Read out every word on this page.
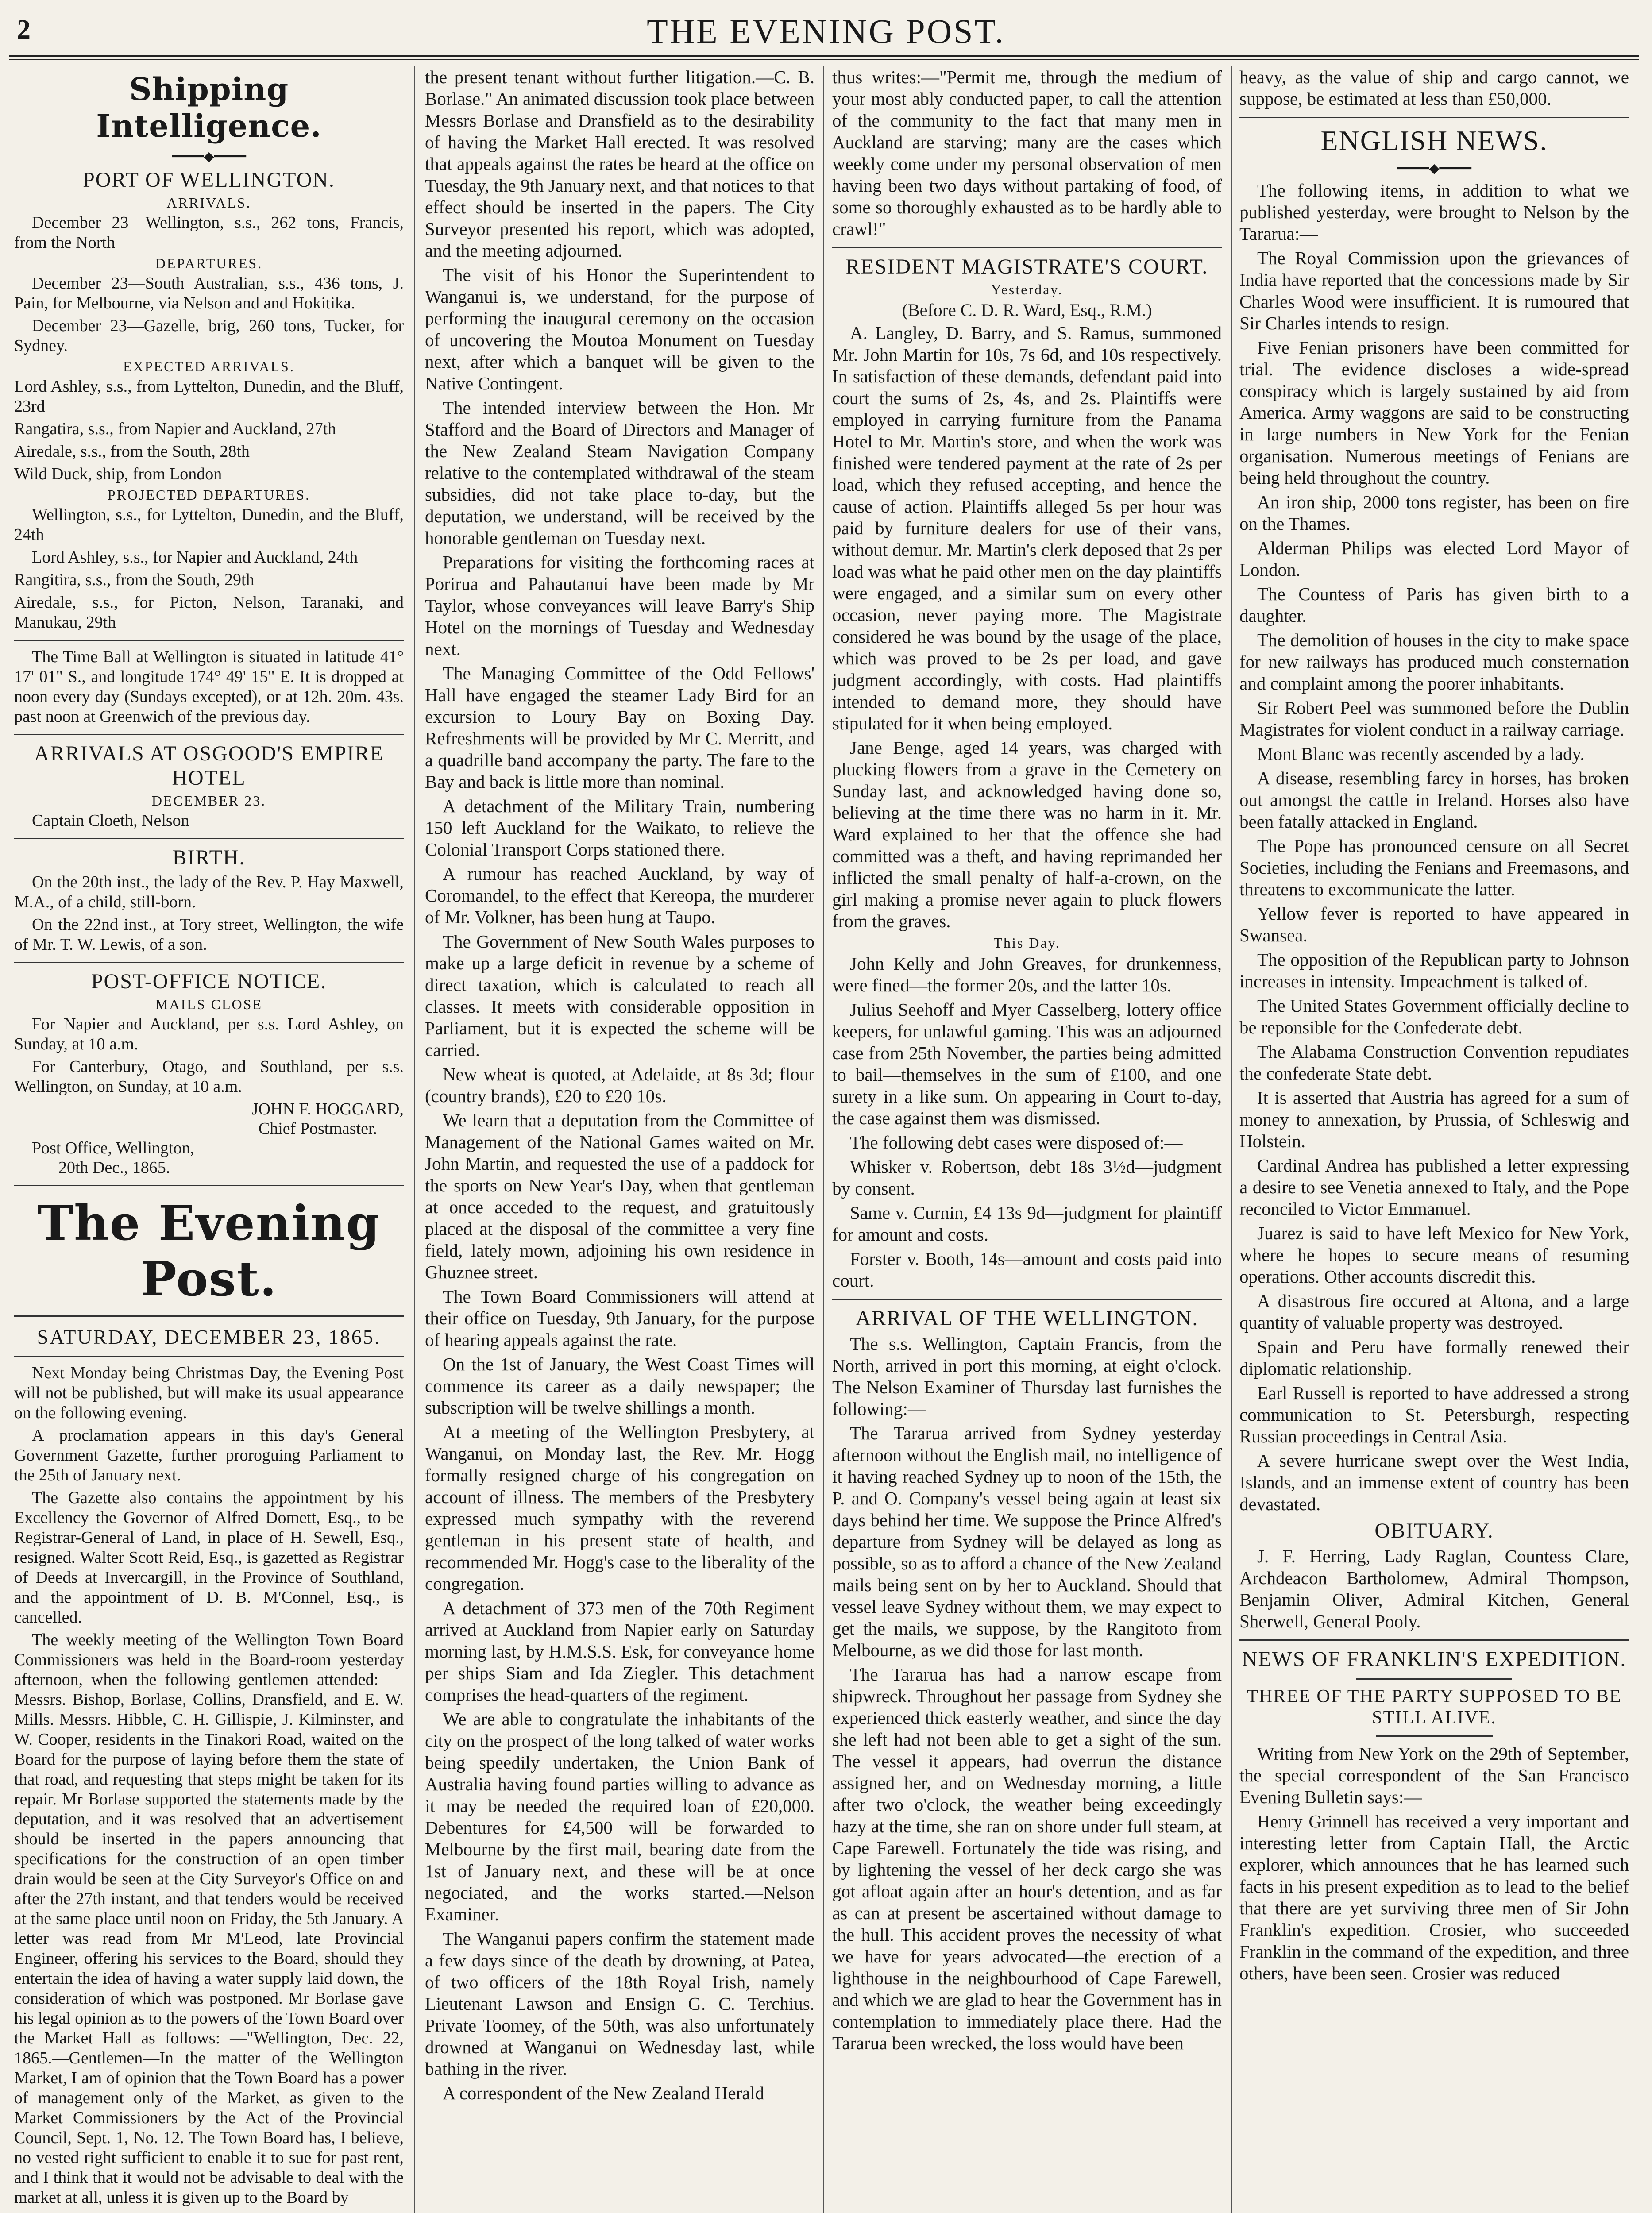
2	THE EVENING POST.
Shipping Intelligence.
━━━━◆━━━━
PORT OF WELLINGTON.
ARRIVALS.

December 23—Wellington, s.s., 262 tons, Francis, from the North

DEPARTURES.

December 23—South Australian, s.s., 436 tons, J. Pain, for Melbourne, via Nelson and and Hokitika.

December 23—Gazelle, brig, 260 tons, Tucker, for Sydney.

EXPECTED ARRIVALS.

Lord Ashley, s.s., from Lyttelton, Dunedin, and the Bluff, 23rd

Rangatira, s.s., from Napier and Auckland, 27th

Airedale, s.s., from the South, 28th

Wild Duck, ship, from London

PROJECTED DEPARTURES.

Wellington, s.s., for Lyttelton, Dunedin, and the Bluff, 24th

Lord Ashley, s.s., for Napier and Auckland, 24th

Rangitira, s.s., from the South, 29th

Airedale, s.s., for Picton, Nelson, Taranaki, and Manukau, 29th

The Time Ball at Wellington is situated in latitude 41° 17' 01" S., and longitude 174° 49' 15" E. It is dropped at noon every day (Sundays excepted), or at 12h. 20m. 43s. past noon at Greenwich of the previous day.

ARRIVALS AT OSGOOD'S EMPIRE HOTEL
DECEMBER 23.

Captain Cloeth, Nelson

BIRTH.

On the 20th inst., the lady of the Rev. P. Hay Maxwell, M.A., of a child, still-born.

On the 22nd inst., at Tory street, Wellington, the wife of Mr. T. W. Lewis, of a son.

POST-OFFICE NOTICE.
MAILS CLOSE

For Napier and Auckland, per s.s. Lord Ashley, on Sunday, at 10 a.m.

For Canterbury, Otago, and Southland, per s.s. Wellington, on Sunday, at 10 a.m.

JOHN F. HOGGARD,
Chief Postmaster.
Post Office, Wellington,
20th Dec., 1865.
The Evening Post.
SATURDAY, DECEMBER 23, 1865.

Next Monday being Christmas Day, the Evening Post will not be published, but will make its usual appearance on the following evening.

A proclamation appears in this day's General Government Gazette, further proroguing Parliament to the 25th of January next.

The Gazette also contains the appointment by his Excellency the Governor of Alfred Domett, Esq., to be Registrar-General of Land, in place of H. Sewell, Esq., resigned. Walter Scott Reid, Esq., is gazetted as Registrar of Deeds at Invercargill, in the Province of Southland, and the appointment of D. B. M'Connel, Esq., is cancelled.

The weekly meeting of the Wellington Town Board Commissioners was held in the Board-room yesterday afternoon, when the following gentlemen attended: — Messrs. Bishop, Borlase, Collins, Dransfield, and E. W. Mills. Messrs. Hibble, C. H. Gillispie, J. Kilminster, and W. Cooper, residents in the Tinakori Road, waited on the Board for the purpose of laying before them the state of that road, and requesting that steps might be taken for its repair. Mr Borlase supported the statements made by the deputation, and it was resolved that an advertisement should be inserted in the papers announcing that specifications for the construction of an open timber drain would be seen at the City Surveyor's Office on and after the 27th instant, and that tenders would be received at the same place until noon on Friday, the 5th January. A letter was read from Mr M'Leod, late Provincial Engineer, offering his services to the Board, should they entertain the idea of having a water supply laid down, the consideration of which was postponed. Mr Borlase gave his legal opinion as to the powers of the Town Board over the Market Hall as follows: —"Wellington, Dec. 22, 1865.—Gentlemen—In the matter of the Wellington Market, I am of opinion that the Town Board has a power of management only of the Market, as given to the Market Commissioners by the Act of the Provincial Council, Sept. 1, No. 12. The Town Board has, I believe, no vested right sufficient to enable it to sue for past rent, and I think that it would not be advisable to deal with the market at all, unless it is given up to the Board by

the present tenant without further litigation.—C. B. Borlase." An animated discussion took place between Messrs Borlase and Dransfield as to the desirability of having the Market Hall erected. It was resolved that appeals against the rates be heard at the office on Tuesday, the 9th January next, and that notices to that effect should be inserted in the papers. The City Surveyor presented his report, which was adopted, and the meeting adjourned.

The visit of his Honor the Superintendent to Wanganui is, we understand, for the purpose of performing the inaugural ceremony on the occasion of uncovering the Moutoa Monument on Tuesday next, after which a banquet will be given to the Native Contingent.

The intended interview between the Hon. Mr Stafford and the Board of Directors and Manager of the New Zealand Steam Navigation Company relative to the contemplated withdrawal of the steam subsidies, did not take place to-day, but the deputation, we understand, will be received by the honorable gentleman on Tuesday next.

Preparations for visiting the forthcoming races at Porirua and Pahautanui have been made by Mr Taylor, whose conveyances will leave Barry's Ship Hotel on the mornings of Tuesday and Wednesday next.

The Managing Committee of the Odd Fellows' Hall have engaged the steamer Lady Bird for an excursion to Loury Bay on Boxing Day. Refreshments will be provided by Mr C. Merritt, and a quadrille band accompany the party. The fare to the Bay and back is little more than nominal.

A detachment of the Military Train, numbering 150 left Auckland for the Waikato, to relieve the Colonial Transport Corps stationed there.

A rumour has reached Auckland, by way of Coromandel, to the effect that Kereopa, the murderer of Mr. Volkner, has been hung at Taupo.

The Government of New South Wales purposes to make up a large deficit in revenue by a scheme of direct taxation, which is calculated to reach all classes. It meets with considerable opposition in Parliament, but it is expected the scheme will be carried.

New wheat is quoted, at Adelaide, at 8s 3d; flour (country brands), £20 to £20 10s.

We learn that a deputation from the Committee of Management of the National Games waited on Mr. John Martin, and requested the use of a paddock for the sports on New Year's Day, when that gentleman at once acceded to the request, and gratuitously placed at the disposal of the committee a very fine field, lately mown, adjoining his own residence in Ghuznee street.

The Town Board Commissioners will attend at their office on Tuesday, 9th January, for the purpose of hearing appeals against the rate.

On the 1st of January, the West Coast Times will commence its career as a daily newspaper; the subscription will be twelve shillings a month.

At a meeting of the Wellington Presbytery, at Wanganui, on Monday last, the Rev. Mr. Hogg formally resigned charge of his congregation on account of illness. The members of the Presbytery expressed much sympathy with the reverend gentleman in his present state of health, and recommended Mr. Hogg's case to the liberality of the congregation.

A detachment of 373 men of the 70th Regiment arrived at Auckland from Napier early on Saturday morning last, by H.M.S.S. Esk, for conveyance home per ships Siam and Ida Ziegler. This detachment comprises the head-quarters of the regiment.

We are able to congratulate the inhabitants of the city on the prospect of the long talked of water works being speedily undertaken, the Union Bank of Australia having found parties willing to advance as it may be needed the required loan of £20,000. Debentures for £4,500 will be forwarded to Melbourne by the first mail, bearing date from the 1st of January next, and these will be at once negociated, and the works started.—Nelson Examiner.

The Wanganui papers confirm the statement made a few days since of the death by drowning, at Patea, of two officers of the 18th Royal Irish, namely Lieutenant Lawson and Ensign G. C. Terchius. Private Toomey, of the 50th, was also unfortunately drowned at Wanganui on Wednesday last, while bathing in the river.

A correspondent of the New Zealand Herald

thus writes:—"Permit me, through the medium of your most ably conducted paper, to call the attention of the community to the fact that many men in Auckland are starving; many are the cases which weekly come under my personal observation of men having been two days without partaking of food, of some so thoroughly exhausted as to be hardly able to crawl!"

RESIDENT MAGISTRATE'S COURT.
Yesterday.
(Before C. D. R. Ward, Esq., R.M.)

A. Langley, D. Barry, and S. Ramus, summoned Mr. John Martin for 10s, 7s 6d, and 10s respectively. In satisfaction of these demands, defendant paid into court the sums of 2s, 4s, and 2s. Plaintiffs were employed in carrying furniture from the Panama Hotel to Mr. Martin's store, and when the work was finished were tendered payment at the rate of 2s per load, which they refused accepting, and hence the cause of action. Plaintiffs alleged 5s per hour was paid by furniture dealers for use of their vans, without demur. Mr. Martin's clerk deposed that 2s per load was what he paid other men on the day plaintiffs were engaged, and a similar sum on every other occasion, never paying more. The Magistrate considered he was bound by the usage of the place, which was proved to be 2s per load, and gave judgment accordingly, with costs. Had plaintiffs intended to demand more, they should have stipulated for it when being employed.

Jane Benge, aged 14 years, was charged with plucking flowers from a grave in the Cemetery on Sunday last, and acknowledged having done so, believing at the time there was no harm in it. Mr. Ward explained to her that the offence she had committed was a theft, and having reprimanded her inflicted the small penalty of half-a-crown, on the girl making a promise never again to pluck flowers from the graves.

This Day.

John Kelly and John Greaves, for drunkenness, were fined—the former 20s, and the latter 10s.

Julius Seehoff and Myer Casselberg, lottery office keepers, for unlawful gaming. This was an adjourned case from 25th November, the parties being admitted to bail—themselves in the sum of £100, and one surety in a like sum. On appearing in Court to-day, the case against them was dismissed.

The following debt cases were disposed of:—

Whisker v. Robertson, debt 18s 3½d—judgment by consent.

Same v. Curnin, £4 13s 9d—judgment for plaintiff for amount and costs.

Forster v. Booth, 14s—amount and costs paid into court.

ARRIVAL OF THE WELLINGTON.

The s.s. Wellington, Captain Francis, from the North, arrived in port this morning, at eight o'clock. The Nelson Examiner of Thursday last furnishes the following:—

The Tararua arrived from Sydney yesterday afternoon without the English mail, no intelligence of it having reached Sydney up to noon of the 15th, the P. and O. Company's vessel being again at least six days behind her time. We suppose the Prince Alfred's departure from Sydney will be delayed as long as possible, so as to afford a chance of the New Zealand mails being sent on by her to Auckland. Should that vessel leave Sydney without them, we may expect to get the mails, we suppose, by the Rangitoto from Melbourne, as we did those for last month.

The Tararua has had a narrow escape from shipwreck. Throughout her passage from Sydney she experienced thick easterly weather, and since the day she left had not been able to get a sight of the sun. The vessel it appears, had overrun the distance assigned her, and on Wednesday morning, a little after two o'clock, the weather being exceedingly hazy at the time, she ran on shore under full steam, at Cape Farewell. Fortunately the tide was rising, and by lightening the vessel of her deck cargo she was got afloat again after an hour's detention, and as far as can at present be ascertained without damage to the hull. This accident proves the necessity of what we have for years advocated—the erection of a lighthouse in the neighbourhood of Cape Farewell, and which we are glad to hear the Government has in contemplation to immediately place there. Had the Tararua been wrecked, the loss would have been

heavy, as the value of ship and cargo cannot, we suppose, be estimated at less than £50,000.

ENGLISH NEWS.
━━━━◆━━━━

The following items, in addition to what we published yesterday, were brought to Nelson by the Tararua:—

The Royal Commission upon the grievances of India have reported that the concessions made by Sir Charles Wood were insufficient. It is rumoured that Sir Charles intends to resign.

Five Fenian prisoners have been committed for trial. The evidence discloses a wide-spread conspiracy which is largely sustained by aid from America. Army waggons are said to be constructing in large numbers in New York for the Fenian organisation. Numerous meetings of Fenians are being held throughout the country.

An iron ship, 2000 tons register, has been on fire on the Thames.

Alderman Philips was elected Lord Mayor of London.

The Countess of Paris has given birth to a daughter.

The demolition of houses in the city to make space for new railways has produced much consternation and complaint among the poorer inhabitants.

Sir Robert Peel was summoned before the Dublin Magistrates for violent conduct in a railway carriage.

Mont Blanc was recently ascended by a lady.

A disease, resembling farcy in horses, has broken out amongst the cattle in Ireland. Horses also have been fatally attacked in England.

The Pope has pronounced censure on all Secret Societies, including the Fenians and Freemasons, and threatens to excommunicate the latter.

Yellow fever is reported to have appeared in Swansea.

The opposition of the Republican party to Johnson increases in intensity. Impeachment is talked of.

The United States Government officially decline to be reponsible for the Confederate debt.

The Alabama Construction Convention repudiates the confederate State debt.

It is asserted that Austria has agreed for a sum of money to annexation, by Prussia, of Schleswig and Holstein.

Cardinal Andrea has published a letter expressing a desire to see Venetia annexed to Italy, and the Pope reconciled to Victor Emmanuel.

Juarez is said to have left Mexico for New York, where he hopes to secure means of resuming operations. Other accounts discredit this.

A disastrous fire occured at Altona, and a large quantity of valuable property was destroyed.

Spain and Peru have formally renewed their diplomatic relationship.

Earl Russell is reported to have addressed a strong communication to St. Petersburgh, respecting Russian proceedings in Central Asia.

A severe hurricane swept over the West India, Islands, and an immense extent of country has been devastated.

OBITUARY.

J. F. Herring, Lady Raglan, Countess Clare, Archdeacon Bartholomew, Admiral Thompson, Benjamin Oliver, Admiral Kitchen, General Sherwell, General Pooly.

NEWS OF FRANKLIN'S EXPEDITION.
THREE OF THE PARTY SUPPOSED TO BE STILL ALIVE.

Writing from New York on the 29th of September, the special correspondent of the San Francisco Evening Bulletin says:—

Henry Grinnell has received a very important and interesting letter from Captain Hall, the Arctic explorer, which announces that he has learned such facts in his present expedition as to lead to the belief that there are yet surviving three men of Sir John Franklin's expedition. Crosier, who succeeded Franklin in the command of the expedition, and three others, have been seen. Crosier was reduced
